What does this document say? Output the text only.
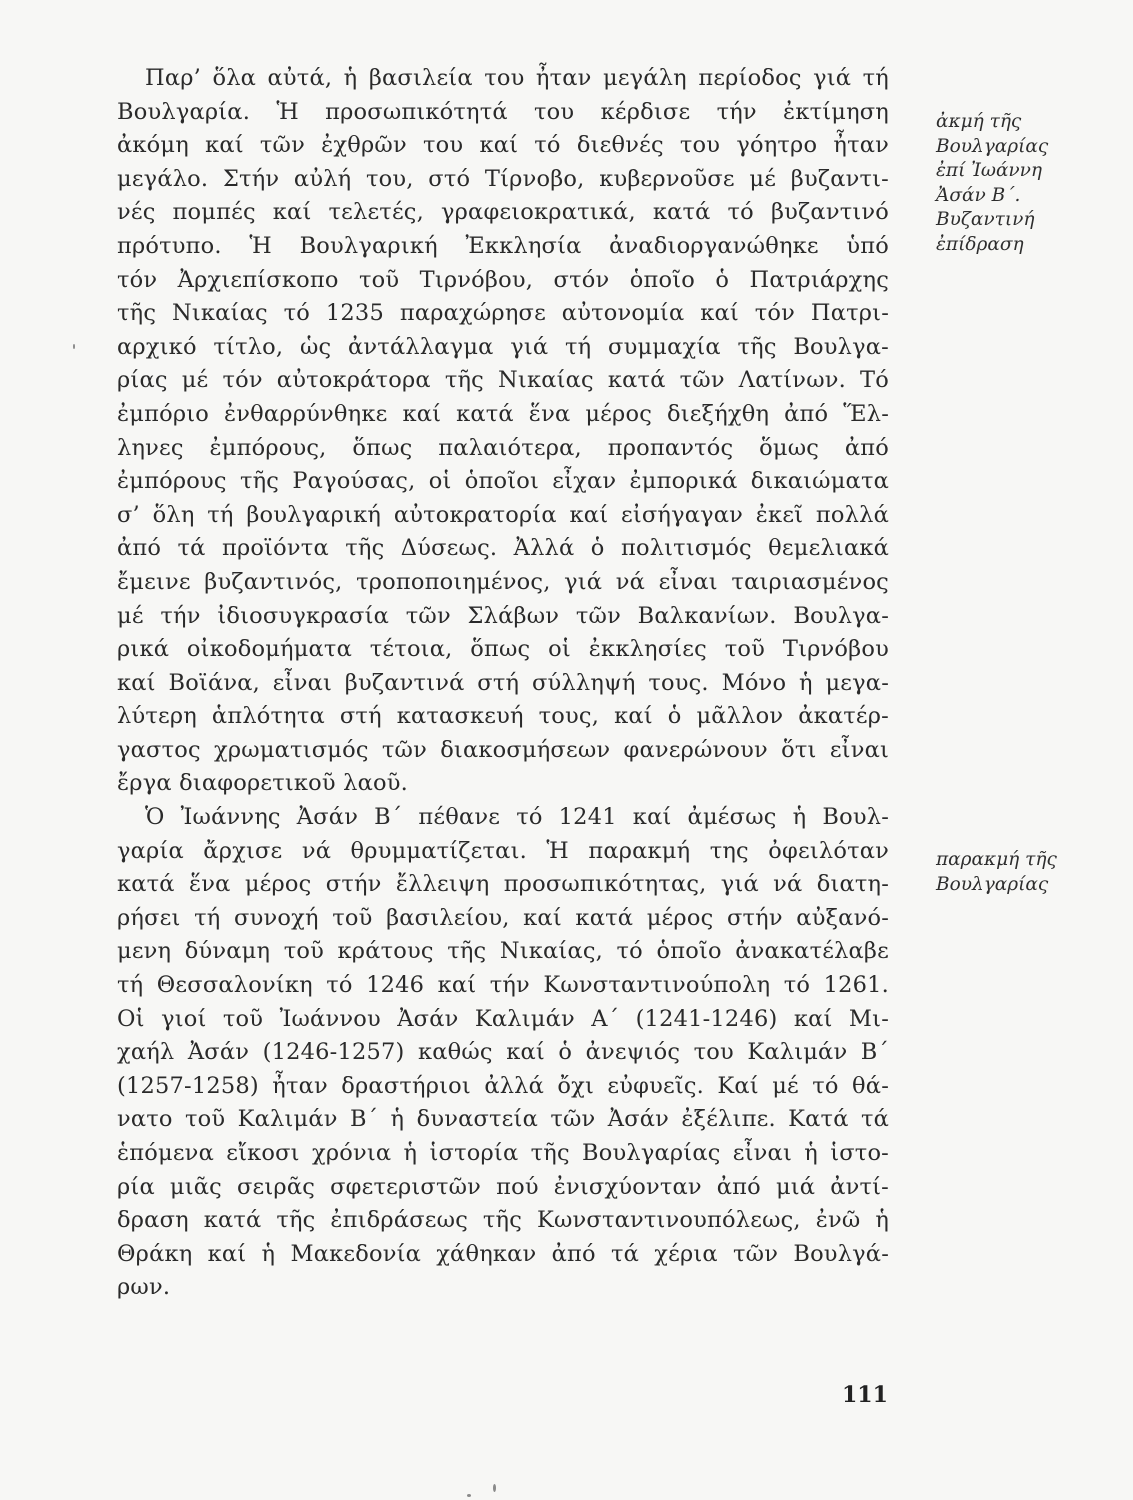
Παρ’ ὅλα αὐτά, ἡ βασιλεία του ἦταν μεγάλη περίοδος γιά τή
Βουλγαρία. Ἡ προσωπικότητά του κέρδισε τήν ἐκτίμηση
ἀκόμη καί τῶν ἐχθρῶν του καί τό διεθνές του γόητρο ἦταν
μεγάλο. Στήν αὐλή του, στό Τίρνοβο, κυβερνοῦσε μέ βυζαντι-
νές πομπές καί τελετές, γραφειοκρατικά, κατά τό βυζαντινό
πρότυπο. Ἡ Βουλγαρική Ἐκκλησία ἀναδιοργανώθηκε ὑπό
τόν Ἀρχιεπίσκοπο τοῦ Τιρνόβου, στόν ὁποῖο ὁ Πατριάρχης
τῆς Νικαίας τό 1235 παραχώρησε αὐτονομία καί τόν Πατρι-
αρχικό τίτλο, ὡς ἀντάλλαγμα γιά τή συμμαχία τῆς Βουλγα-
ρίας μέ τόν αὐτοκράτορα τῆς Νικαίας κατά τῶν Λατίνων. Τό
ἐμπόριο ἐνθαρρύνθηκε καί κατά ἕνα μέρος διεξήχθη ἀπό Ἕλ-
ληνες ἐμπόρους, ὅπως παλαιότερα, προπαντός ὅμως ἀπό
ἐμπόρους τῆς Ραγούσας, οἱ ὁποῖοι εἶχαν ἐμπορικά δικαιώματα
σ’ ὅλη τή βουλγαρική αὐτοκρατορία καί εἰσήγαγαν ἐκεῖ πολλά
ἀπό τά προϊόντα τῆς Δύσεως. Ἀλλά ὁ πολιτισμός θεμελιακά
ἔμεινε βυζαντινός, τροποποιημένος, γιά νά εἶναι ταιριασμένος
μέ τήν ἰδιοσυγκρασία τῶν Σλάβων τῶν Βαλκανίων. Βουλγα-
ρικά οἰκοδομήματα τέτοια, ὅπως οἱ ἐκκλησίες τοῦ Τιρνόβου
καί Βοϊάνα, εἶναι βυζαντινά στή σύλληψή τους. Μόνο ἡ μεγα-
λύτερη ἁπλότητα στή κατασκευή τους, καί ὁ μᾶλλον ἀκατέρ-
γαστος χρωματισμός τῶν διακοσμήσεων φανερώνουν ὅτι εἶναι
ἔργα διαφορετικοῦ λαοῦ.
Ὁ Ἰωάννης Ἀσάν Β΄ πέθανε τό 1241 καί ἀμέσως ἡ Βουλ-
γαρία ἄρχισε νά θρυμματίζεται. Ἡ παρακμή της ὀφειλόταν
κατά ἕνα μέρος στήν ἔλλειψη προσωπικότητας, γιά νά διατη-
ρήσει τή συνοχή τοῦ βασιλείου, καί κατά μέρος στήν αὐξανό-
μενη δύναμη τοῦ κράτους τῆς Νικαίας, τό ὁποῖο ἀνακατέλαβε
τή Θεσσαλονίκη τό 1246 καί τήν Κωνσταντινούπολη τό 1261.
Οἱ γιοί τοῦ Ἰωάννου Ἀσάν Καλιμάν Α΄ (1241-1246) καί Μι-
χαήλ Ἀσάν (1246-1257) καθώς καί ὁ ἀνεψιός του Καλιμάν Β΄
(1257-1258) ἦταν δραστήριοι ἀλλά ὄχι εὐφυεῖς. Καί μέ τό θά-
νατο τοῦ Καλιμάν Β΄ ἡ δυναστεία τῶν Ἀσάν ἐξέλιπε. Κατά τά
ἑπόμενα εἴκοσι χρόνια ἡ ἱστορία τῆς Βουλγαρίας εἶναι ἡ ἱστο-
ρία μιᾶς σειρᾶς σφετεριστῶν πού ἐνισχύονταν ἀπό μιά ἀντί-
δραση κατά τῆς ἐπιδράσεως τῆς Κωνσταντινουπόλεως, ἐνῶ ἡ
Θράκη καί ἡ Μακεδονία χάθηκαν ἀπό τά χέρια τῶν Βουλγά-
ρων.
ἀκμή τῆς
Βουλγαρίας
ἐπί Ἰωάννη
Ἀσάν Β΄.
Βυζαντινή
ἐπίδραση
παρακμή τῆς
Βουλγαρίας
111
